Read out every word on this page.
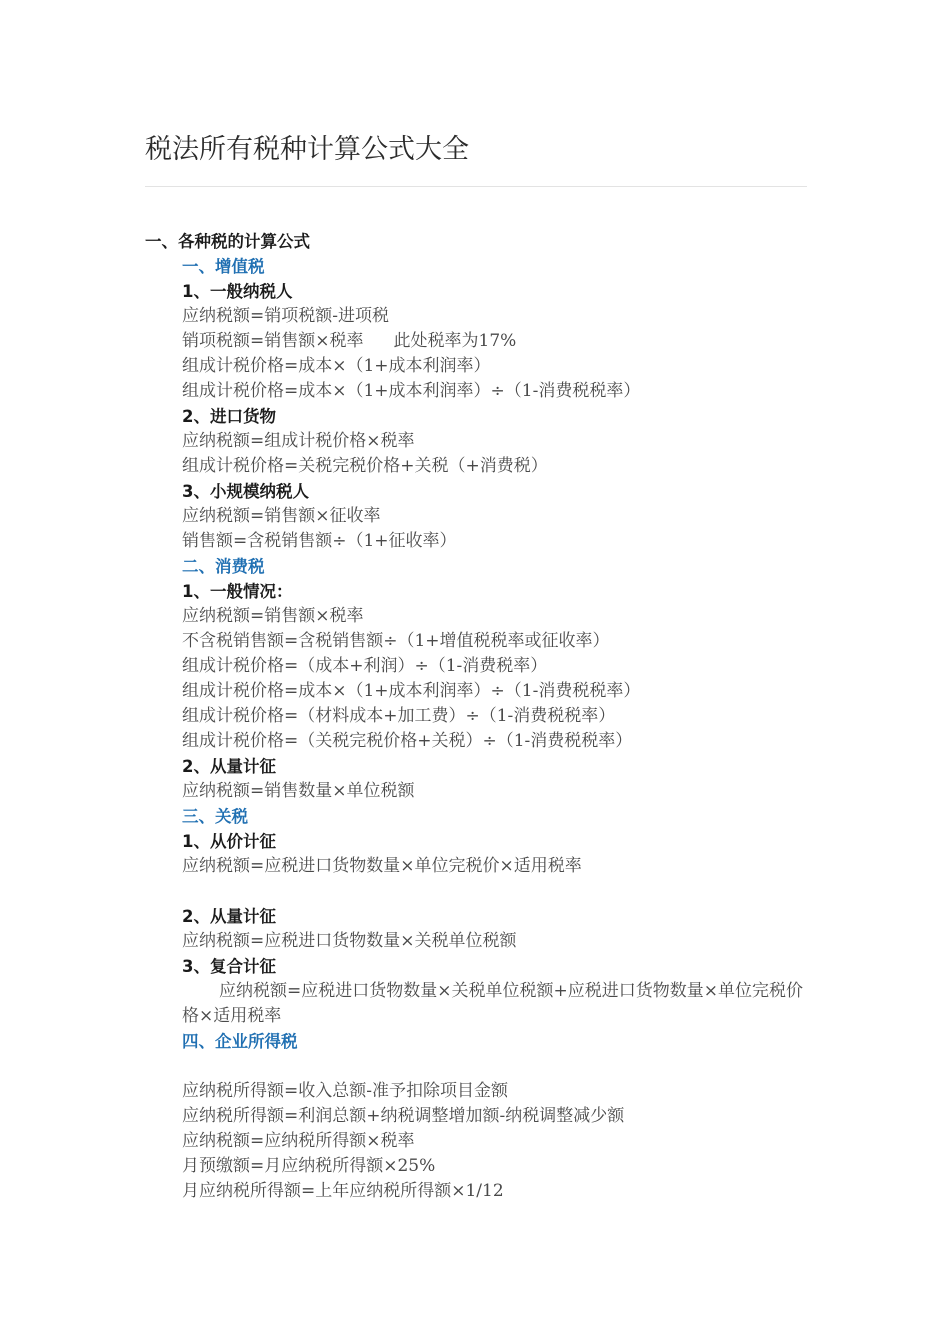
税法所有税种计算公式大全
一、各种税的计算公式
一、增值税
1、一般纳税人
应纳税额=销项税额-进项税
销项税额=销售额×税率 此处税率为17%
组成计税价格=成本×（1+成本利润率）
组成计税价格=成本×（1+成本利润率）÷（1-消费税税率）
2、进口货物
应纳税额=组成计税价格×税率
组成计税价格=关税完税价格+关税（+消费税）
3、小规模纳税人
应纳税额=销售额×征收率
销售额=含税销售额÷（1+征收率）
二、消费税
1、一般情况：
应纳税额=销售额×税率
不含税销售额=含税销售额÷（1+增值税税率或征收率）
组成计税价格=（成本+利润）÷（1-消费税率）
组成计税价格=成本×（1+成本利润率）÷（1-消费税税率）
组成计税价格=（材料成本+加工费）÷（1-消费税税率）
组成计税价格=（关税完税价格+关税）÷（1-消费税税率）
2、从量计征
应纳税额=销售数量×单位税额
三、关税
1、从价计征
应纳税额=应税进口货物数量×单位完税价×适用税率
2、从量计征
应纳税额=应税进口货物数量×关税单位税额
3、复合计征
应纳税额=应税进口货物数量×关税单位税额+应税进口货物数量×单位完税价格×适用税率
四、企业所得税
应纳税所得额=收入总额-准予扣除项目金额
应纳税所得额=利润总额+纳税调整增加额-纳税调整减少额
应纳税额=应纳税所得额×税率
月预缴额=月应纳税所得额×25%
月应纳税所得额=上年应纳税所得额×1/12
